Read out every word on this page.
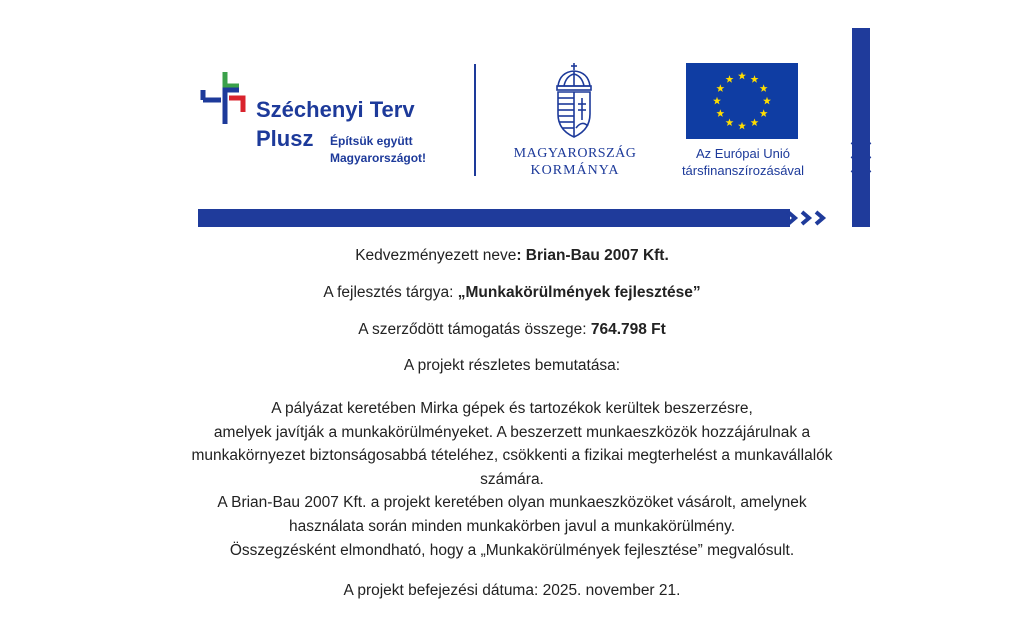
Széchenyi Terv
Plusz Építsük együtt
Magyarországot!	MAGYARORSZÁG
KORMÁNYA
Az Európai Unió
társfinanszírozásával
Kedvezményezett neve: Brian-Bau 2007 Kft.
A fejlesztés tárgya: „Munkakörülmények fejlesztése”
A szerződött támogatás összege: 764.798 Ft
A projekt részletes bemutatása:
A pályázat keretében Mirka gépek és tartozékok kerültek beszerzésre,
amelyek javítják a munkakörülményeket. A beszerzett munkaeszközök hozzájárulnak a
munkakörnyezet biztonságosabbá tételéhez, csökkenti a fizikai megterhelést a munkavállalók
számára.
A Brian-Bau 2007 Kft. a projekt keretében olyan munkaeszközöket vásárolt, amelynek
használata során minden munkakörben javul a munkakörülmény.
Összegzésként elmondható, hogy a „Munkakörülmények fejlesztése” megvalósult.
A projekt befejezési dátuma: 2025. november 21.
